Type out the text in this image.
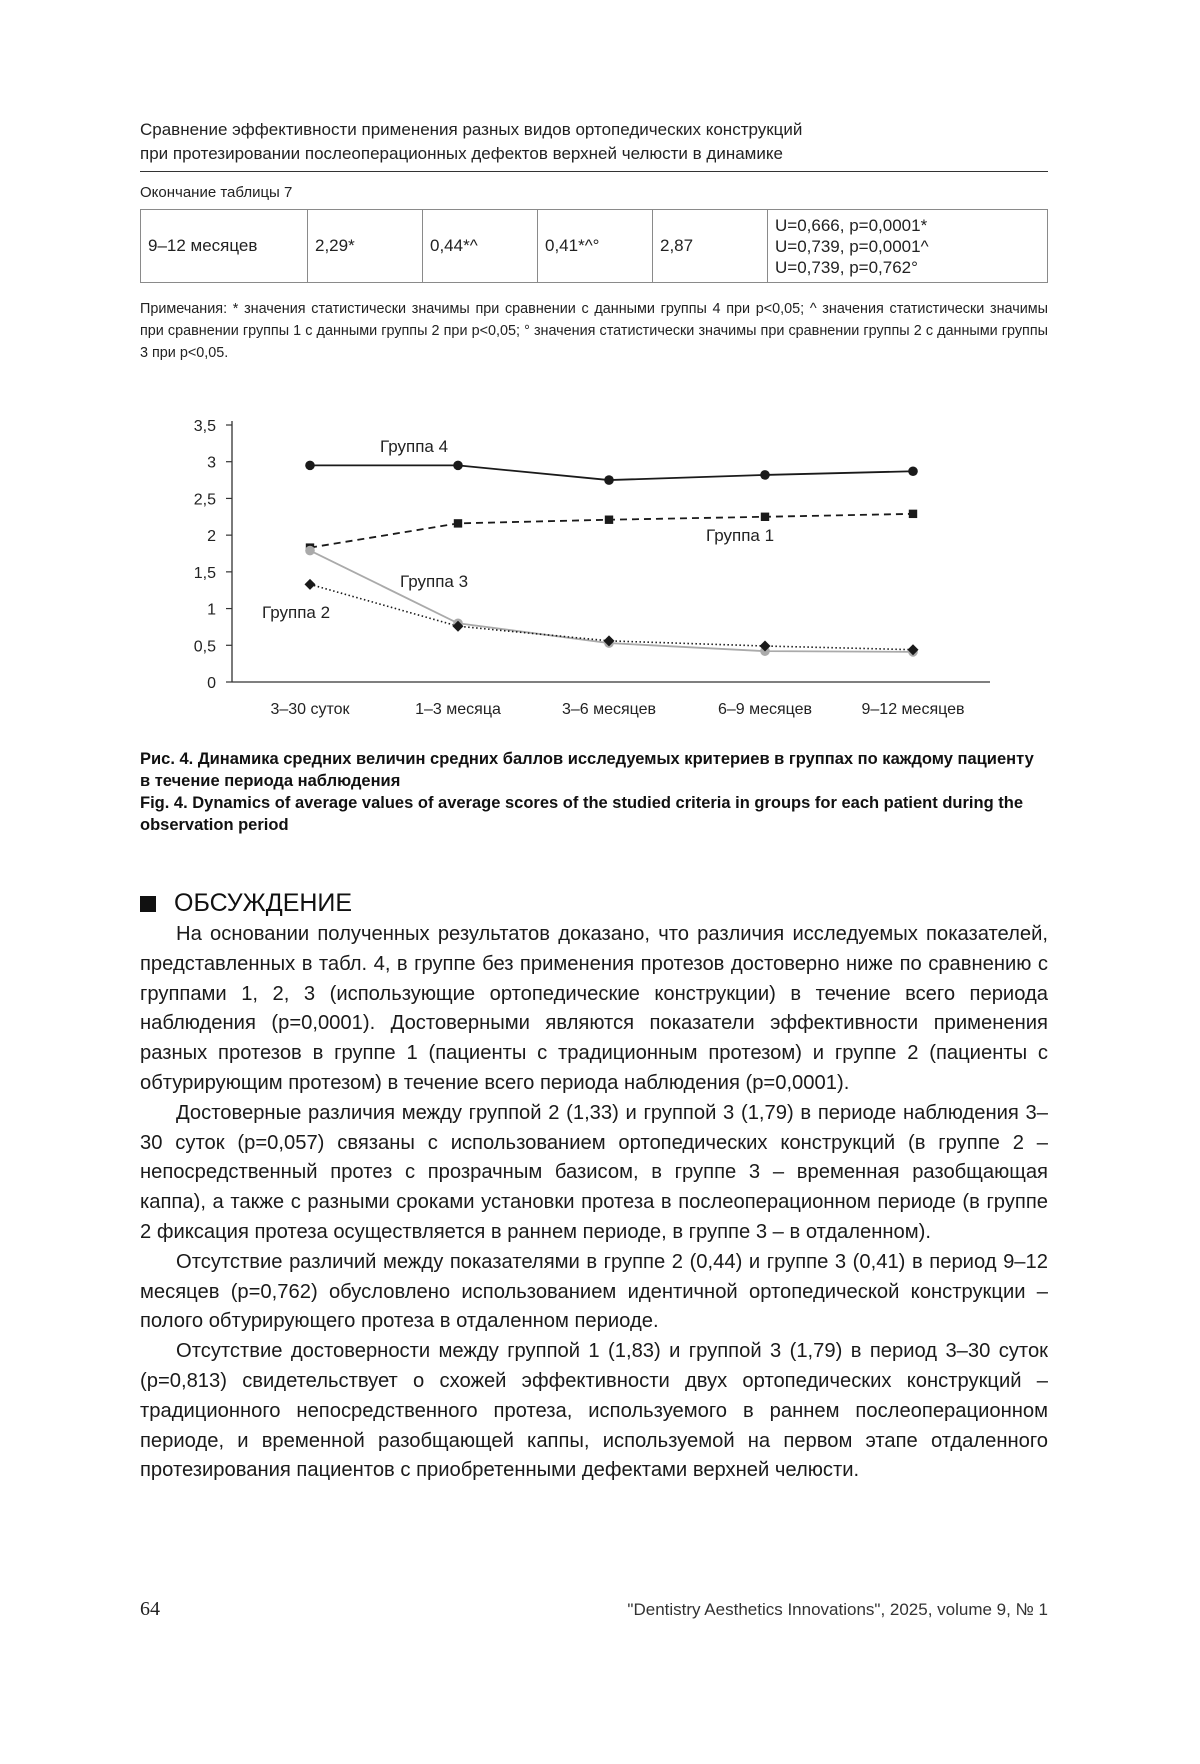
Сравнение эффективности применения разных видов ортопедических конструкций
при протезировании послеоперационных дефектов верхней челюсти в динамике
Окончание таблицы 7
9–12 месяцев	2,29*	0,44*^	0,41*^°	2,87	
U=0,666, p=0,0001*
U=0,739, p=0,0001^
U=0,739, p=0,762°
Примечания: * значения статистически значимы при сравнении с данными группы 4 при p<0,05; ^ значения статистически значимы при сравнении группы 1 с данными группы 2 при p<0,05; ° значения статистически значимы при сравнении группы 2 с данными группы 3 при p<0,05.
0
0,5
1
1,5
2
2,5
3
3,5
3–30 суток	1–3 месяца	3–6 месяцев	6–9 месяцев	9–12 месяцев
Группа 4
Группа 1
Группа 3
Группа 2
Рис. 4. Динамика средних величин средних баллов исследуемых критериев в группах по каждому пациенту в течение периода наблюдения
Fig. 4. Dynamics of average values of average scores of the studied criteria in groups for each patient during the observation period
ОБСУЖДЕНИЕ

На основании полученных результатов доказано, что различия исследуемых показателей, представленных в табл. 4, в группе без применения протезов достоверно ниже по сравнению с группами 1, 2, 3 (использующие ортопедические конструкции) в течение всего периода наблюдения (p=0,0001). Достоверными являются показатели эффективности применения разных протезов в группе 1 (пациенты с традиционным протезом) и группе 2 (пациенты с обтурирующим протезом) в течение всего периода наблюдения (p=0,0001).

Достоверные различия между группой 2 (1,33) и группой 3 (1,79) в периоде наблюдения 3–30 суток (p=0,057) связаны с использованием ортопедических конструкций (в группе 2 – непосредственный протез с прозрачным базисом, в группе 3 – временная разобщающая каппа), а также с разными сроками установки протеза в послеоперационном периоде (в группе 2 фиксация протеза осуществляется в раннем периоде, в группе 3 – в отдаленном).

Отсутствие различий между показателями в группе 2 (0,44) и группе 3 (0,41) в период 9–12 месяцев (p=0,762) обусловлено использованием идентичной ортопедической конструкции – полого обтурирующего протеза в отдаленном периоде.

Отсутствие достоверности между группой 1 (1,83) и группой 3 (1,79) в период 3–30 суток (p=0,813) свидетельствует о схожей эффективности двух ортопедических конструкций – традиционного непосредственного протеза, используемого в раннем послеоперационном периоде, и временной разобщающей каппы, используемой на первом этапе отдаленного протезирования пациентов с приобретенными дефектами верхней челюсти.

64	"Dentistry Aesthetics Innovations", 2025, volume 9, № 1
